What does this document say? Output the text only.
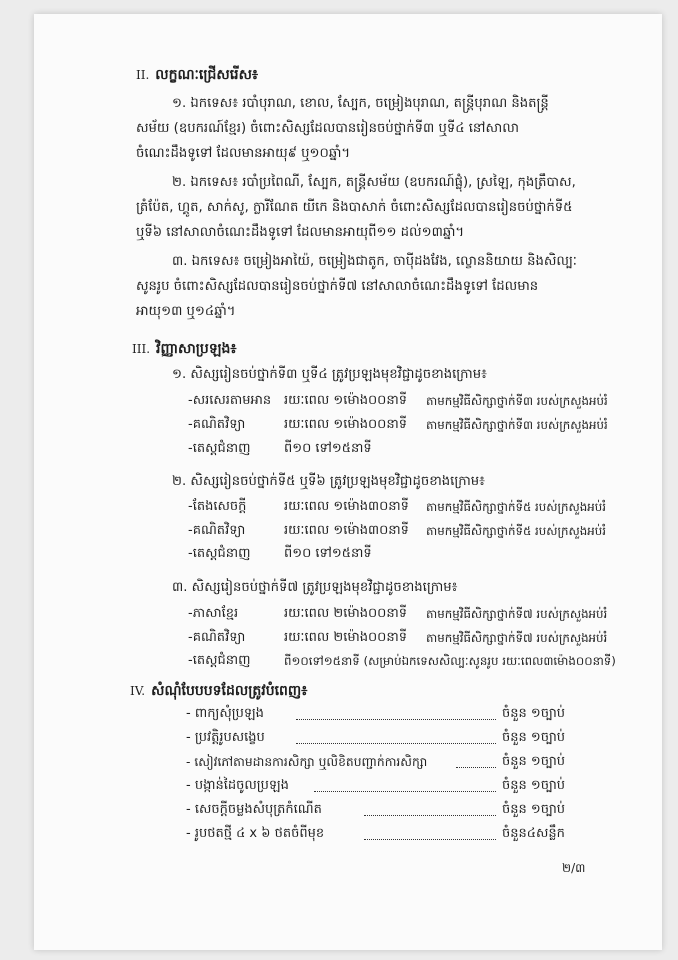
II. លក្ខណៈជ្រើសរើស៖
១. ឯកទេស៖ របាំបុរាណ, ខោល, ស្បែក, ចម្រៀងបុរាណ, តន្ត្រីបុរាណ និងតន្ត្រី
សម័យ (ឧបករណ៍ខ្មែរ) ចំពោះសិស្សដែលបានរៀនចប់ថ្នាក់ទី៣ ឬទី៤ នៅសាលា
ចំណេះដឹងទូទៅ ដែលមានអាយុ៩ ឬ១០ឆ្នាំ។
២. ឯកទេស៖ របាំប្រពៃណី, ស្បែក, តន្ត្រីសម័យ (ឧបករណ៍ផ្លុំ), ស្រឡៃ, កុងត្រឹបាស,
ត្រំប៉ែត, ហ្គូត, សាក់សូ, ក្លារីណែត យីកេ និងបាសាក់ ចំពោះសិស្សដែលបានរៀនចប់ថ្នាក់ទី៥
ឬទី៦ នៅសាលាចំណេះដឹងទូទៅ ដែលមានអាយុពី១១ ដល់១៣ឆ្នាំ។
៣. ឯកទេស៖ ចម្រៀងអាយ៉ៃ, ចម្រៀងជាតូក, ចាប៉ីដងវែង, ល្ខោននិយាយ និងសិល្បៈ
សូនរូប ចំពោះសិស្សដែលបានរៀនចប់ថ្នាក់ទី៧ នៅសាលាចំណេះដឹងទូទៅ ដែលមាន
អាយុ១៣ ឬ១៤ឆ្នាំ។
III. វិញ្ញាសាប្រឡង៖
១. សិស្សរៀនចប់ថ្នាក់ទី៣ ឬទី៤ ត្រូវប្រឡងមុខវិជ្ជាដូចខាងក្រោម៖
-សរសេរតាមអាន រយៈពេល ១ម៉ោង០០នាទី តាមកម្មវិធីសិក្សាថ្នាក់ទី៣ របស់ក្រសួងអប់រំ
-គណិតវិទ្យា	រយៈពេល ១ម៉ោង០០នាទី តាមកម្មវិធីសិក្សាថ្នាក់ទី៣ របស់ក្រសួងអប់រំ
-តេស្តជំនាញ	ពី១០ ទៅ១៥នាទី
២. សិស្សរៀនចប់ថ្នាក់ទី៥ ឬទី៦ ត្រូវប្រឡងមុខវិជ្ជាដូចខាងក្រោម៖
-តែងសេចក្តី	រយៈពេល ១ម៉ោង៣០នាទី តាមកម្មវិធីសិក្សាថ្នាក់ទី៥ របស់ក្រសួងអប់រំ
-គណិតវិទ្យា	រយៈពេល ១ម៉ោង៣០នាទី តាមកម្មវិធីសិក្សាថ្នាក់ទី៥ របស់ក្រសួងអប់រំ
-តេស្តជំនាញ	ពី១០ ទៅ១៥នាទី
៣. សិស្សរៀនចប់ថ្នាក់ទី៧ ត្រូវប្រឡងមុខវិជ្ជាដូចខាងក្រោម៖
-ភាសាខ្មែរ	រយៈពេល ២ម៉ោង០០នាទី តាមកម្មវិធីសិក្សាថ្នាក់ទី៧ របស់ក្រសួងអប់រំ
-គណិតវិទ្យា	រយៈពេល ២ម៉ោង០០នាទី តាមកម្មវិធីសិក្សាថ្នាក់ទី៧ របស់ក្រសួងអប់រំ
-តេស្តជំនាញ	ពី១០ទៅ១៥នាទី (សម្រាប់ឯកទេសសិល្បៈសូនរូប រយៈពេល៣ម៉ោង០០នាទី)
IV. សំណុំបែបបទដែលត្រូវបំពេញ៖
- ពាក្យសុំប្រឡង	ចំនួន ១ច្បាប់
- ប្រវត្តិរូបសង្ខេប	ចំនួន ១ច្បាប់
- សៀវភៅតាមដានការសិក្សា ឬលិខិតបញ្ជាក់ការសិក្សា	ចំនួន ១ច្បាប់
- បង្កាន់ដៃចូលប្រឡង	ចំនួន ១ច្បាប់
- សេចក្តីចម្លងសំបុត្រកំណើត	ចំនួន ១ច្បាប់
- រូបថតថ្មី ៤ x ៦ ថតចំពីមុខ	ចំនួន៤សន្លឹក
២/៣
